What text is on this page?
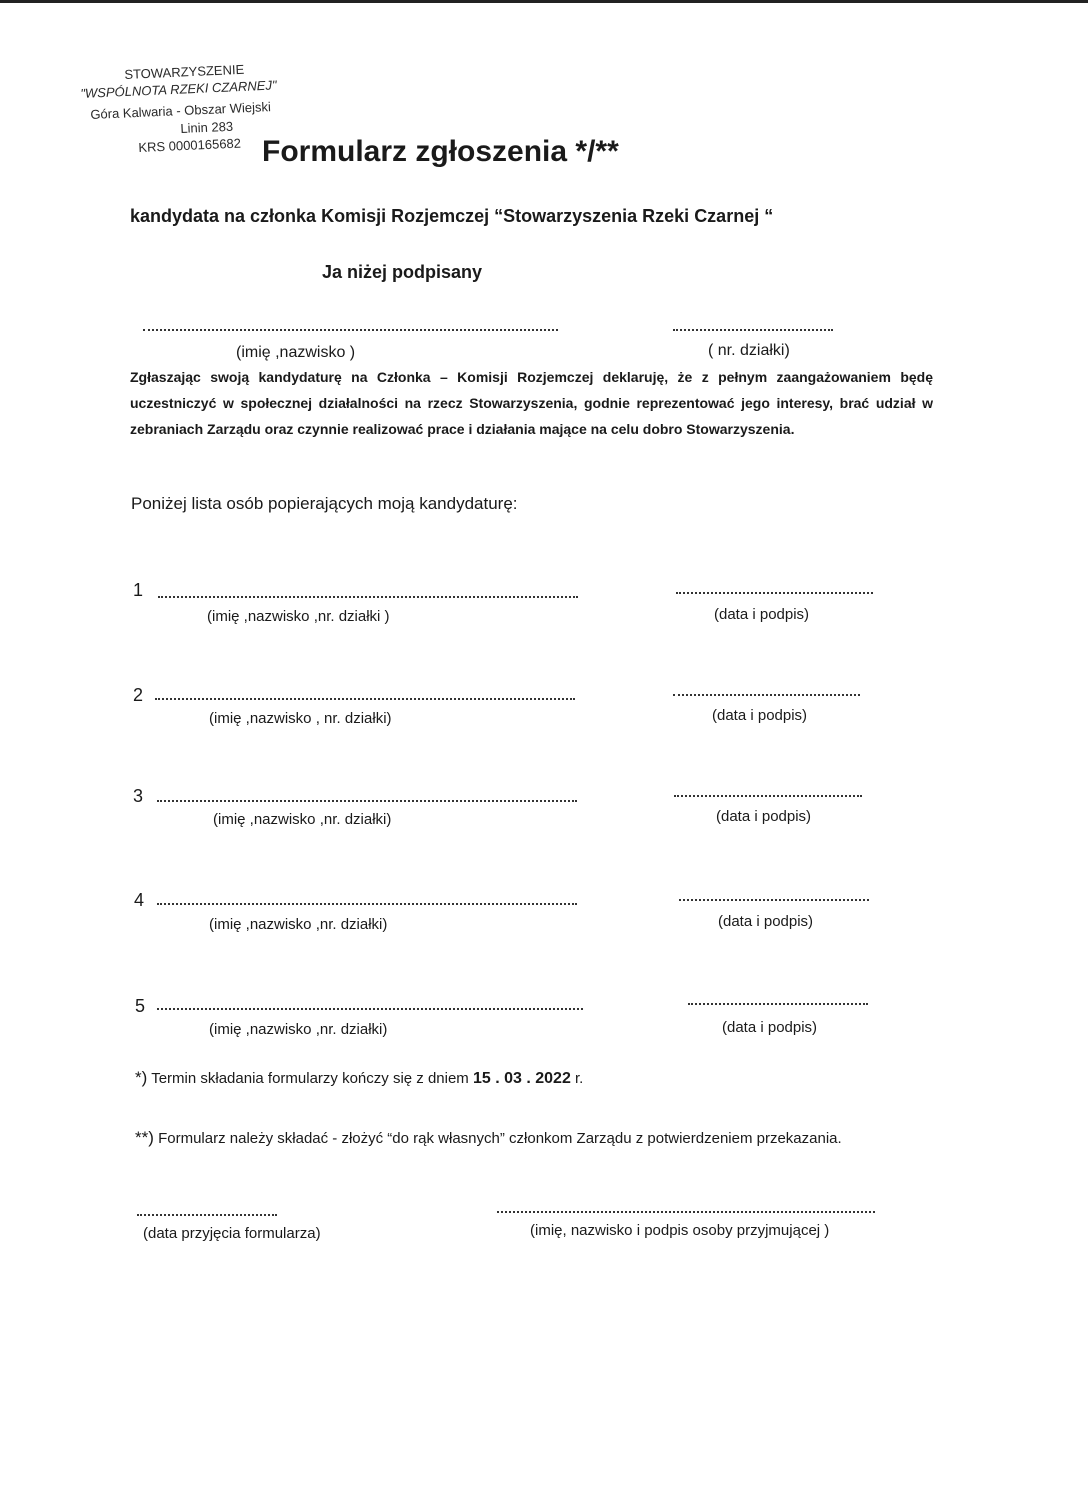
STOWARZYSZENIE
"WSPÓLNOTA RZEKI CZARNEJ"
Góra Kalwaria - Obszar Wiejski
Linin 283
KRS 0000165682 Formularz zgłoszenia */**
kandydata na członka Komisji Rozjemczej “Stowarzyszenia Rzeki Czarnej “
Ja niżej podpisany
(imię ,nazwisko )	( nr. działki)
Zgłaszając swoją kandydaturę na Członka – Komisji Rozjemczej deklaruję, że z pełnym zaangażowaniem będę uczestniczyć w społecznej działalności na rzecz Stowarzyszenia, godnie reprezentować jego interesy, brać udział w zebraniach Zarządu oraz czynnie realizować prace i działania mające na celu dobro Stowarzyszenia.
Poniżej lista osób popierających moją kandydaturę:
1
(imię ,nazwisko ,nr. działki )	(data i podpis)
2
(imię ,nazwisko , nr. działki)	(data i podpis)
3
(imię ,nazwisko ,nr. działki)	(data i podpis)
4
(imię ,nazwisko ,nr. działki)	(data i podpis)
5
(imię ,nazwisko ,nr. działki)	(data i podpis)
*) Termin składania formularzy kończy się z dniem 15 . 03 . 2022 r.
**) Formularz należy składać - złożyć “do rąk własnych” członkom Zarządu z potwierdzeniem przekazania.
(data przyjęcia formularza)	(imię, nazwisko i podpis osoby przyjmującej )
